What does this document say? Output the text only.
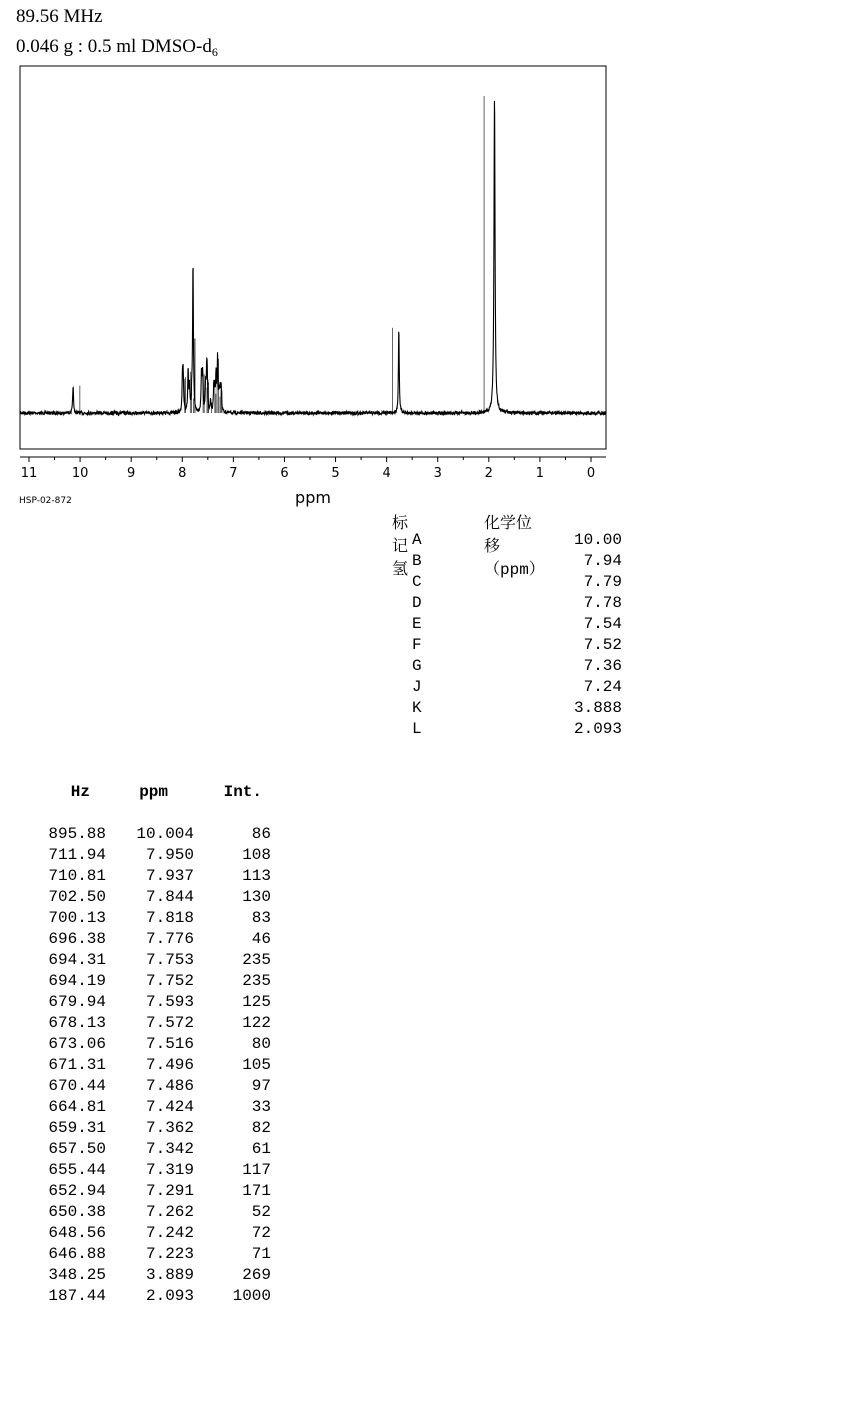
89.56 MHz
0.046 g : 0.5 ml DMSO-$d_6$
11	10	9	8	7	6	5	4	3	2	1	0
ppm
HSP-02-872
标记氢
化学位移（ppm）
A	10.00
B	7.94
C	7.79
D	7.78
E	7.54
F	7.52
G	7.36
J	7.24
K	3.888
L	2.093
Hz	ppm	Int.
895.88	10.004	86
711.94	7.950	108
710.81	7.937	113
702.50	7.844	130
700.13	7.818	83
696.38	7.776	46
694.31	7.753	235
694.19	7.752	235
679.94	7.593	125
678.13	7.572	122
673.06	7.516	80
671.31	7.496	105
670.44	7.486	97
664.81	7.424	33
659.31	7.362	82
657.50	7.342	61
655.44	7.319	117
652.94	7.291	171
650.38	7.262	52
648.56	7.242	72
646.88	7.223	71
348.25	3.889	269
187.44	2.093	1000
